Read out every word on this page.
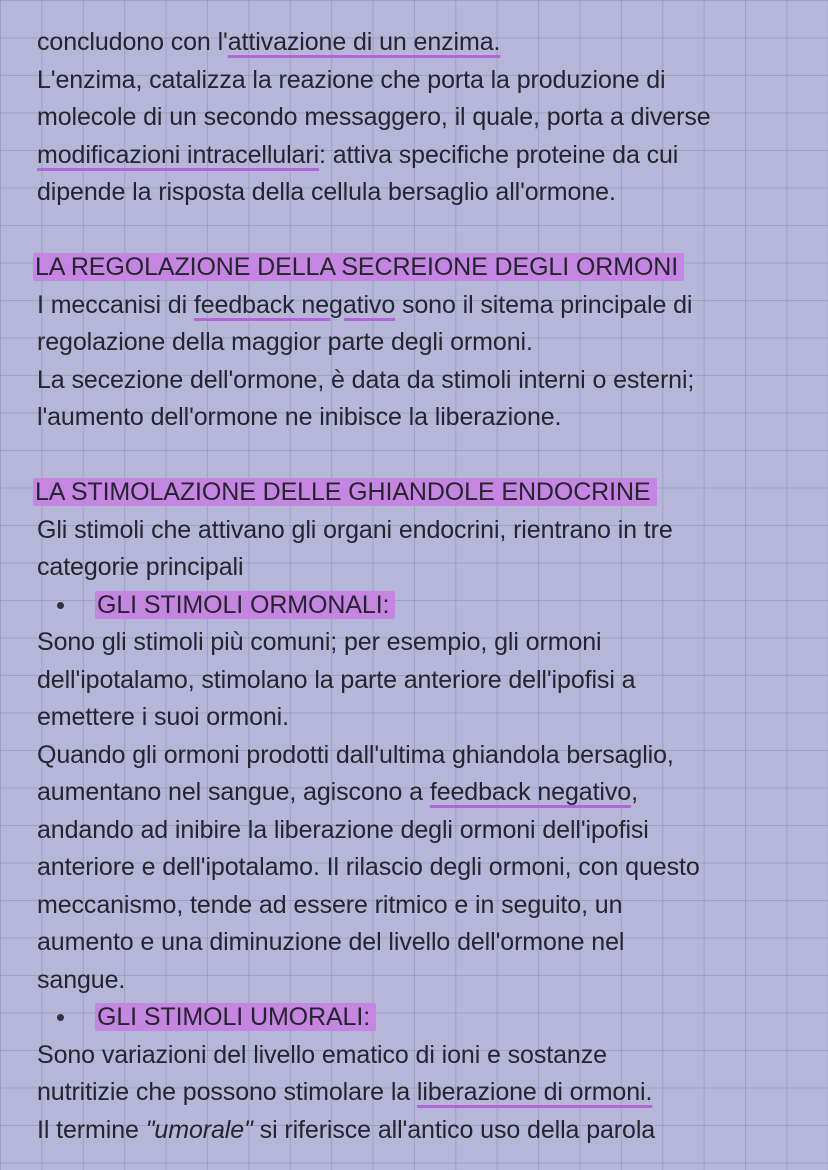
concludono con l'attivazione di un enzima.
L'enzima, catalizza la reazione che porta la produzione di
molecole di un secondo messaggero, il quale, porta a diverse
modificazioni intracellulari: attiva specifiche proteine da cui
dipende la risposta della cellula bersaglio all'ormone.
LA REGOLAZIONE DELLA SECREIONE DEGLI ORMONI
I meccanisi di feedback negativo sono il sitema principale di
regolazione della maggior parte degli ormoni.
La secezione dell'ormone, è data da stimoli interni o esterni;
l'aumento dell'ormone ne inibisce la liberazione.
LA STIMOLAZIONE DELLE GHIANDOLE ENDOCRINE
Gli stimoli che attivano gli organi endocrini, rientrano in tre
categorie principali
GLI STIMOLI ORMONALI:
Sono gli stimoli più comuni; per esempio, gli ormoni
dell'ipotalamo, stimolano la parte anteriore dell'ipofisi a
emettere i suoi ormoni.
Quando gli ormoni prodotti dall'ultima ghiandola bersaglio,
aumentano nel sangue, agiscono a feedback negativo,
andando ad inibire la liberazione degli ormoni dell'ipofisi
anteriore e dell'ipotalamo. Il rilascio degli ormoni, con questo
meccanismo, tende ad essere ritmico e in seguito, un
aumento e una diminuzione del livello dell'ormone nel
sangue.
GLI STIMOLI UMORALI:
Sono variazioni del livello ematico di ioni e sostanze
nutritizie che possono stimolare la liberazione di ormoni.
Il termine "umorale" si riferisce all'antico uso della parola
